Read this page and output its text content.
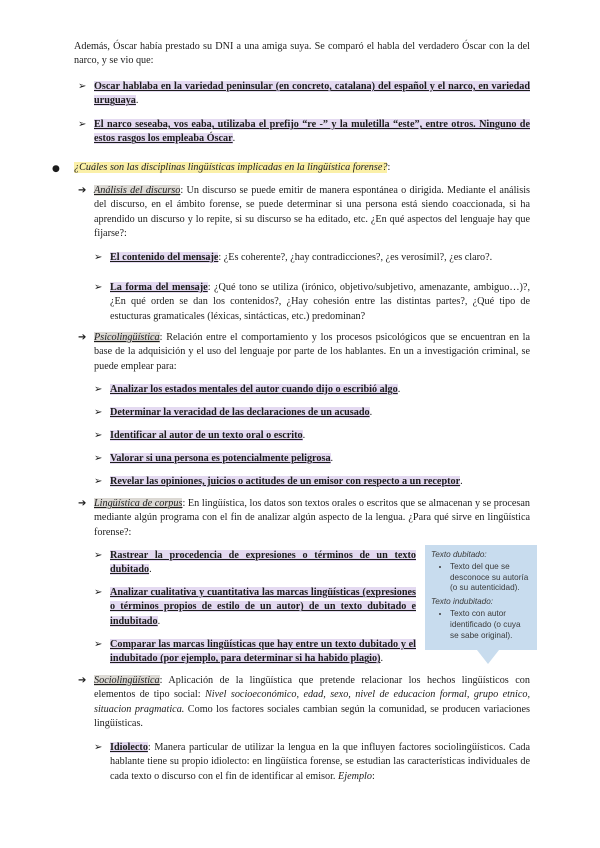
Además, Óscar había prestado su DNI a una amiga suya. Se comparó el habla del verdadero Óscar con la del narco, y se vio que:

➢ Oscar hablaba en la variedad peninsular (en concreto, catalana) del español y el narco, en variedad uruguaya.

➢ El narco seseaba, vos eaba, utilizaba el prefijo “re -” y la muletilla “este”, entre otros. Ninguno de estos rasgos los empleaba Óscar.

● ¿Cuáles son las disciplinas lingüísticas implicadas en la lingüística forense?:

➔ Análisis del discurso: Un discurso se puede emitir de manera espontánea o dirigida. Mediante el análisis del discurso, en el ámbito forense, se puede determinar si una persona está siendo coaccionada, si ha aprendido un discurso y lo repite, si su discurso se ha editado, etc. ¿En qué aspectos del lenguaje hay que fijarse?:

➢ El contenido del mensaje: ¿Es coherente?, ¿hay contradicciones?, ¿es verosímil?, ¿es claro?.

➢ La forma del mensaje: ¿Qué tono se utiliza (irónico, objetivo/subjetivo, amenazante, ambiguo…)?, ¿En qué orden se dan los contenidos?, ¿Hay cohesión entre las distintas partes?, ¿Qué tipo de estucturas gramaticales (léxicas, sintácticas, etc.) predominan?

➔ Psicolingüística: Relación entre el comportamiento y los procesos psicológicos que se encuentran en la base de la adquisición y el uso del lenguaje por parte de los hablantes. En un a investigación criminal, se puede emplear para:

➢ Analizar los estados mentales del autor cuando dijo o escribió algo.

➢ Determinar la veracidad de las declaraciones de un acusado.

➢ Identificar al autor de un texto oral o escrito.

➢ Valorar si una persona es potencialmente peligrosa.

➢ Revelar las opiniones, juicios o actitudes de un emisor con respecto a un receptor.

➔ Lingüística de corpus: En lingüística, los datos son textos orales o escritos que se almacenan y se procesan mediante algún programa con el fin de analizar algún aspecto de la lengua. ¿Para qué sirve en lingüística forense?:

➢ Rastrear la procedencia de expresiones o términos de un texto dubitado.

➢ Analizar cualitativa y cuantitativa las marcas lingüísticas (expresiones o términos propios de estilo de un autor) de un texto dubitado e indubitado.

➢ Comparar las marcas lingüísticas que hay entre un texto dubitado y el indubitado (por ejemplo, para determinar si ha habido plagio).

Texto dubitado:
• Texto del que se desconoce su autoría (o su autenticidad).
Texto indubitado:
• Texto con autor identificado (o cuya se sabe original).

➔ Sociolingüística: Aplicación de la lingüística que pretende relacionar los hechos lingüísticos con elementos de tipo social: Nivel socioeconómico, edad, sexo, nivel de educacion formal, grupo etnico, situacion pragmatica. Como los factores sociales cambian según la comunidad, se producen variaciones lingüísticas.

➢ Idiolecto: Manera particular de utilizar la lengua en la que influyen factores sociolingüísticos. Cada hablante tiene su propio idiolecto: en lingüística forense, se estudian las características individuales de cada texto o discurso con el fin de identificar al emisor. Ejemplo:
